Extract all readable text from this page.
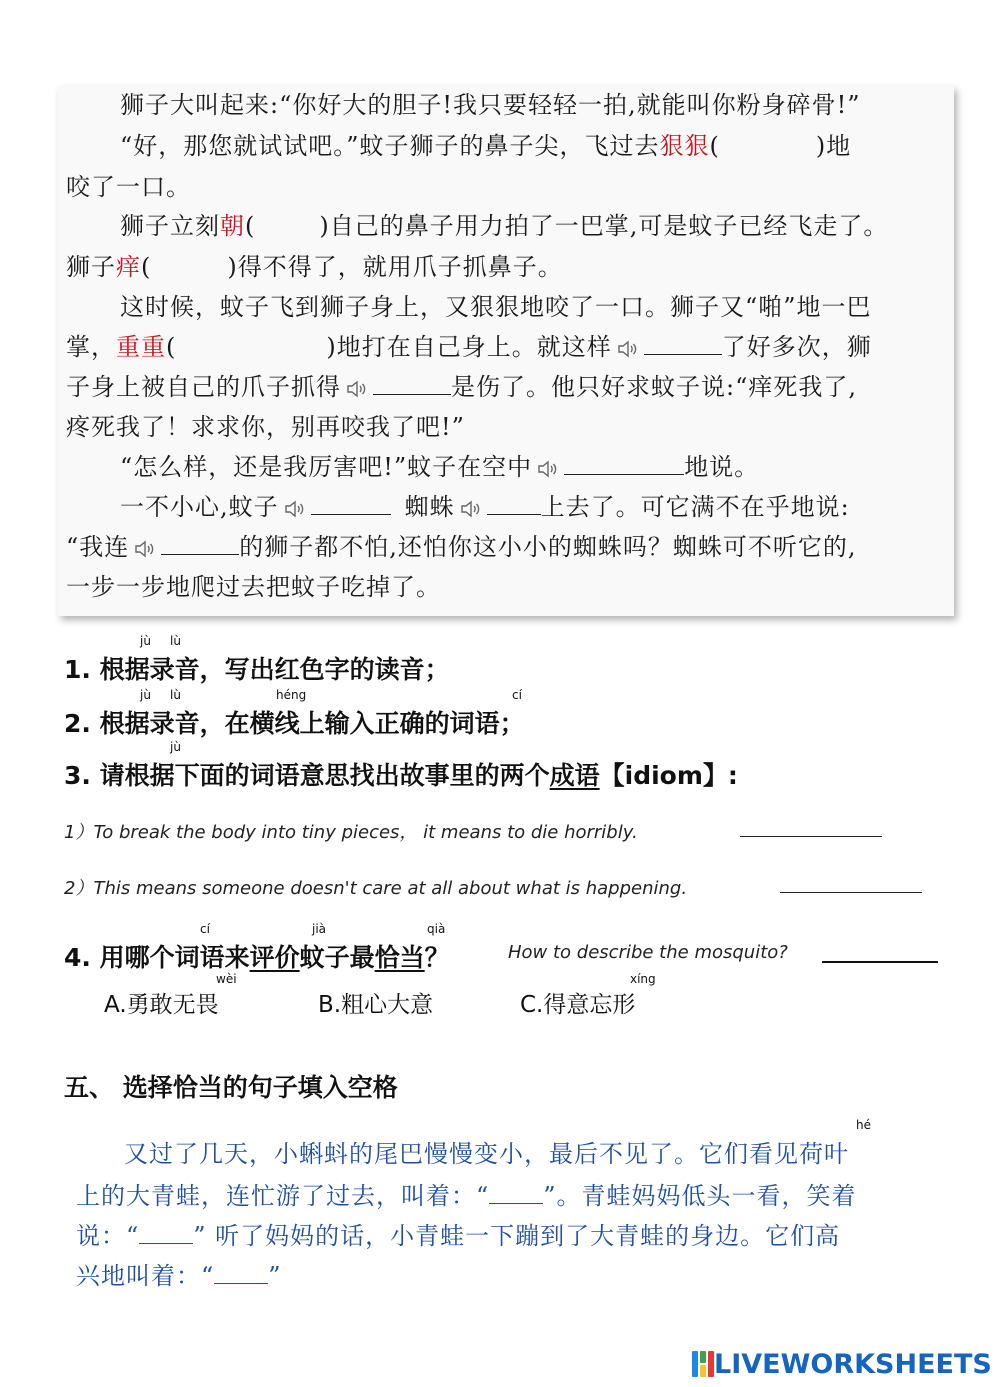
狮子大叫起来:“你好大的胆子!我只要轻轻一拍,就能叫你粉身碎骨!”
“好，那您就试试吧。”蚊子狮子的鼻子尖，飞过去狠狠(	)地
咬了一口。
狮子立刻朝(	)自己的鼻子用力拍了一巴掌,可是蚊子已经飞走了。
狮子痒(	)得不得了，就用爪子抓鼻子。
这时候，蚊子飞到狮子身上，又狠狠地咬了一口。狮子又“啪”地一巴
掌，重重(	)地打在自己身上。就这样	了好多次，狮
子身上被自己的爪子抓得	是伤了。他只好求蚊子说:“痒死我了,
疼死我了！求求你，别再咬我了吧!”
“怎么样，还是我厉害吧!”蚊子在空中	地说。
一不小心,蚊子	蜘蛛	上去了。可它满不在乎地说:
“我连	的狮子都不怕,还怕你这小小的蜘蛛吗？蜘蛛可不听它的,
一步一步地爬过去把蚊子吃掉了。
jù lù
1. 根据录音，写出红色字的读音；
jù lù	héng	cí
2. 根据录音，在横线上输入正确的词语；
jù
3. 请根据下面的词语意思找出故事里的两个成语【idiom】:
1）To break the body into tiny pieces， it means to die horribly.
2）This means someone doesn't care at all about what is happening.
cí	jià	qià
4. 用哪个词语来评价蚊子最恰当？	How to describe the mosquito?
wèi	xíng
A.勇敢无畏	B.粗心大意	C.得意忘形
五、 选择恰当的句子填入空格
hé
又过了几天，小蝌蚪的尾巴慢慢变小，最后不见了。它们看见荷叶
上的大青蛙，连忙游了过去，叫着：“ ”。青蛙妈妈低头一看，笑着
说：“ ” 听了妈妈的话，小青蛙一下蹦到了大青蛙的身边。它们高
兴地叫着：“ ”
LIVEWORKSHEETS
